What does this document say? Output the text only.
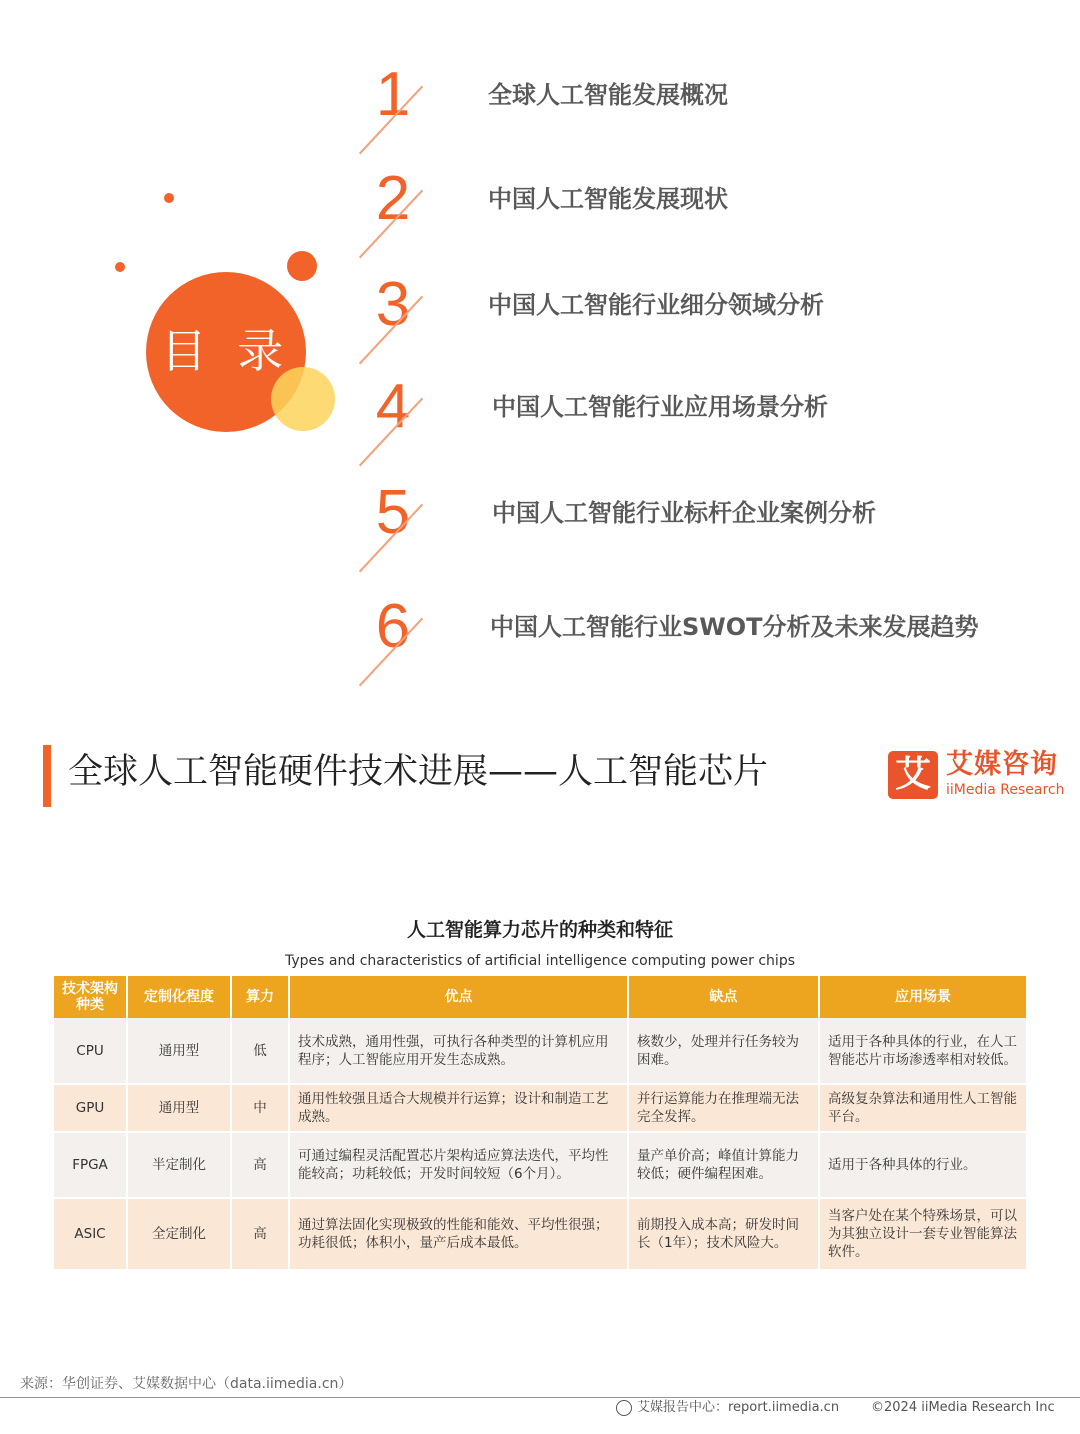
目 录
1	全球人工智能发展概况
2	中国人工智能发展现状
3	中国人工智能行业细分领域分析
4	中国人工智能行业应用场景分析
5	中国人工智能行业标杆企业案例分析
6	中国人工智能行业SWOT分析及未来发展趋势
全球人工智能硬件技术进展——人工智能芯片	艾 艾媒咨询
iiMedia Research
人工智能算力芯片的种类和特征
Types and characteristics of artificial intelligence computing power chips
技术架构种类	定制化程度	算力	优点	缺点	应用场景
CPU	通用型	低	技术成熟，通用性强，可执行各种类型的计算机应用程序；人工智能应用开发生态成熟。	核数少，处理并行任务较为困难。	适用于各种具体的行业，在人工智能芯片市场渗透率相对较低。
GPU	通用型	中	通用性较强且适合大规模并行运算；设计和制造工艺成熟。	并行运算能力在推理端无法完全发挥。	高级复杂算法和通用性人工智能平台。
FPGA	半定制化	高	可通过编程灵活配置芯片架构适应算法迭代，平均性能较高；功耗较低；开发时间较短（6个月）。	量产单价高；峰值计算能力较低；硬件编程困难。	适用于各种具体的行业。
ASIC	全定制化	高	通过算法固化实现极致的性能和能效、平均性很强；功耗很低；体积小，量产后成本最低。	前期投入成本高；研发时间长（1年）；技术风险大。	当客户处在某个特殊场景，可以为其独立设计一套专业智能算法软件。
来源：华创证券、艾媒数据中心（data.iimedia.cn）
艾媒报告中心：report.iimedia.cn ©2024 iiMedia Research Inc
